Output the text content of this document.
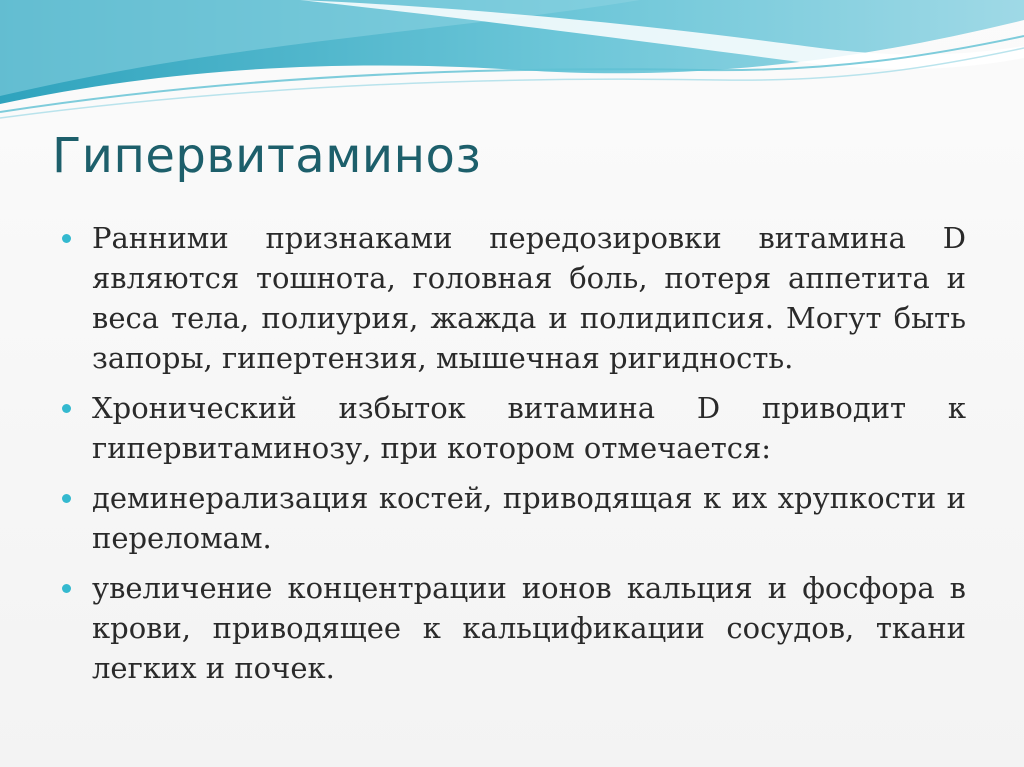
Гипервитаминоз
Ранними признаками передозировки витамина D являются тошнота, головная боль, потеря аппетита и веса тела, полиурия, жажда и полидипсия. Могут быть запоры, гипертензия, мышечная ригидность.
Хронический избыток витамина D приводит к гипервитаминозу, при котором отмечается:
деминерализация костей, приводящая к их хрупкости и переломам.
увеличение концентрации ионов кальция и фосфора в крови, приводящее к кальцификации сосудов, ткани легких и почек.
